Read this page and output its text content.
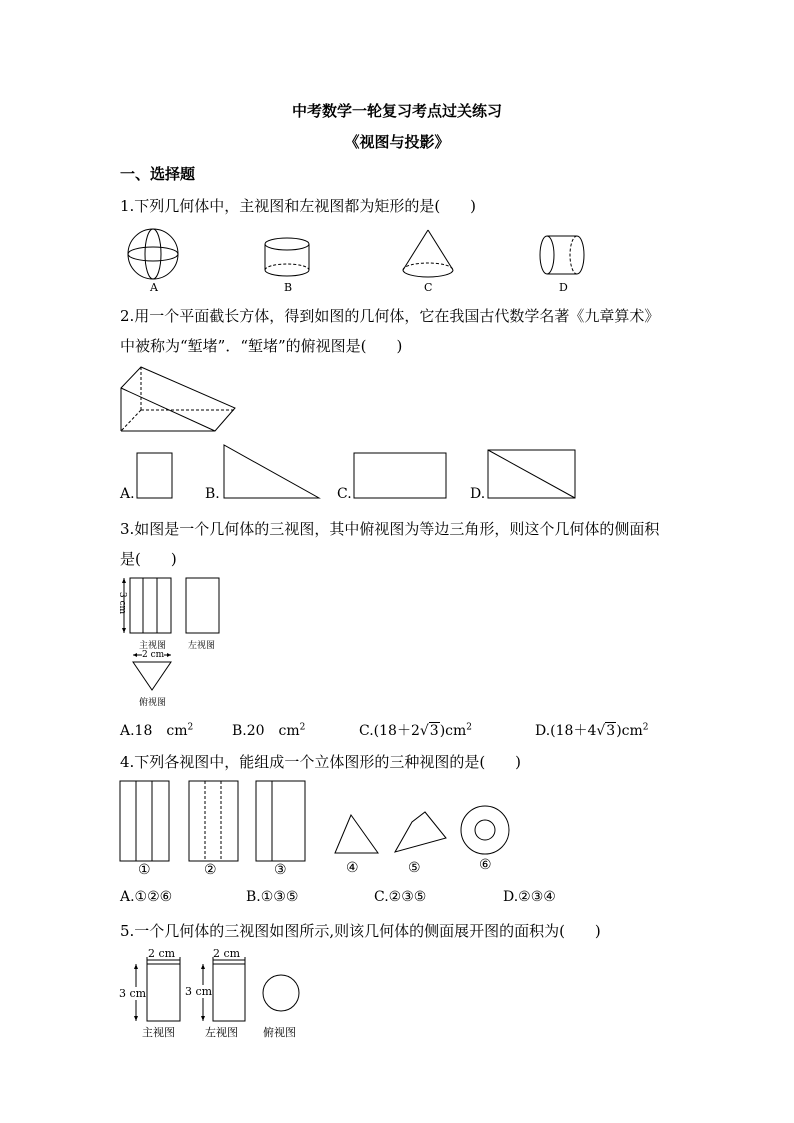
中考数学一轮复习考点过关练习
《视图与投影》
一、选择题
1.下列几何体中，主视图和左视图都为矩形的是(　　)
A	B	C	D
2.用一个平面截长方体，得到如图的几何体，它在我国古代数学名著《九章算术》
中被称为“堑堵”．“堑堵”的俯视图是(　　)
A.	B.	C.	D.
3.如图是一个几何体的三视图，其中俯视图为等边三角形，则这个几何体的侧面积
是(　　)
3 cm
2 cm
主视图 左视图
俯视图
A.18　$cm^2$	B.20　$cm^2$	$C.(18+2√3)cm^2$	$D.(18+4√3)cm^2$
4.下列各视图中，能组成一个立体图形的三种视图的是(　　)
①	②	③	④	⑤	⑥
A.①②⑥	B.①③⑤	C.②③⑤	D.②③④
5.一个几何体的三视图如图所示,则该几何体的侧面展开图的面积为(　　)
2 cm	2 cm
3 cm	3 cm
主视图	左视图 俯视图
